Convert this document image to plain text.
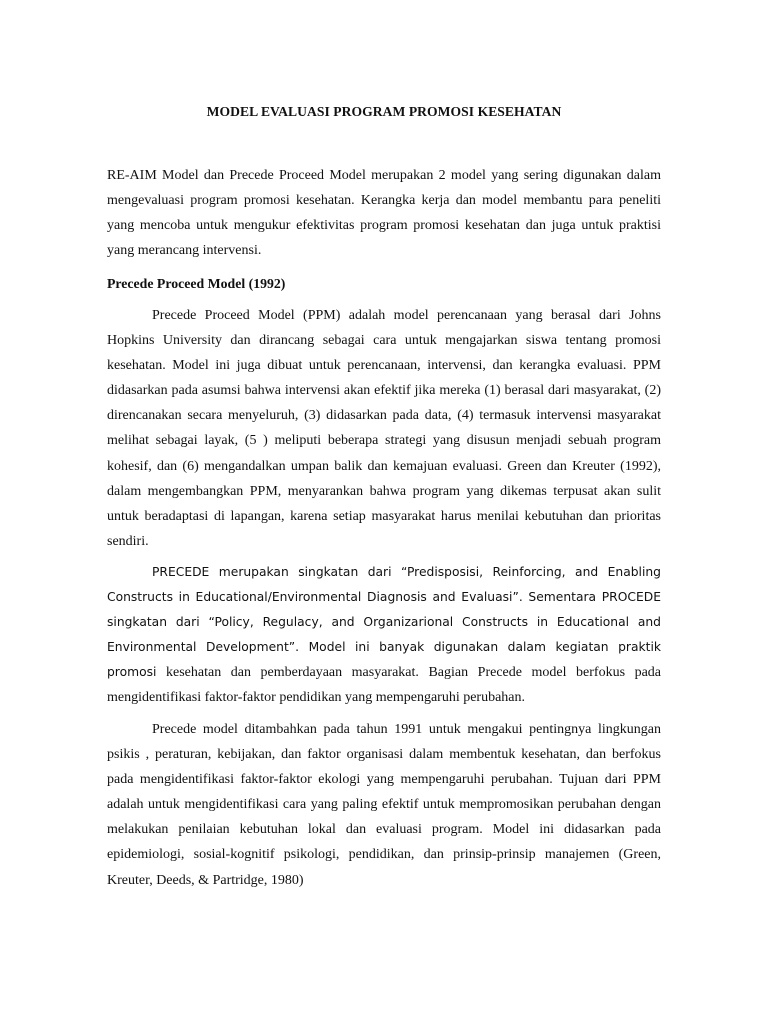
MODEL EVALUASI PROGRAM PROMOSI KESEHATAN

RE-AIM Model dan Precede Proceed Model merupakan 2 model yang sering digunakan dalam mengevaluasi program promosi kesehatan. Kerangka kerja dan model membantu para peneliti yang mencoba untuk mengukur efektivitas program promosi kesehatan dan juga untuk praktisi yang merancang intervensi.

Precede Proceed Model (1992)

Precede Proceed Model (PPM) adalah model perencanaan yang berasal dari Johns Hopkins University dan dirancang sebagai cara untuk mengajarkan siswa tentang promosi kesehatan. Model ini juga dibuat untuk perencanaan, intervensi, dan kerangka evaluasi. PPM didasarkan pada asumsi bahwa intervensi akan efektif jika mereka (1) berasal dari masyarakat, (2) direncanakan secara menyeluruh, (3) didasarkan pada data, (4) termasuk intervensi masyarakat melihat sebagai layak, (5 ) meliputi beberapa strategi yang disusun menjadi sebuah program kohesif, dan (6) mengandalkan umpan balik dan kemajuan evaluasi. Green dan Kreuter (1992), dalam mengembangkan PPM, menyarankan bahwa program yang dikemas terpusat akan sulit untuk beradaptasi di lapangan, karena setiap masyarakat harus menilai kebutuhan dan prioritas sendiri.

PRECEDE merupakan singkatan dari “Predisposisi, Reinforcing, and Enabling Constructs in Educational/Environmental Diagnosis and Evaluasi”. Sementara PROCEDE singkatan dari “Policy, Regulacy, and Organizarional Constructs in Educational and Environmental Development”. Model ini banyak digunakan dalam kegiatan praktik promosi kesehatan dan pemberdayaan masyarakat. Bagian Precede model berfokus pada mengidentifikasi faktor-faktor pendidikan yang mempengaruhi perubahan.

Precede model ditambahkan pada tahun 1991 untuk mengakui pentingnya lingkungan psikis , peraturan, kebijakan, dan faktor organisasi dalam membentuk kesehatan, dan berfokus pada mengidentifikasi faktor-faktor ekologi yang mempengaruhi perubahan. Tujuan dari PPM adalah untuk mengidentifikasi cara yang paling efektif untuk mempromosikan perubahan dengan melakukan penilaian kebutuhan lokal dan evaluasi program. Model ini didasarkan pada epidemiologi, sosial-kognitif psikologi, pendidikan, dan prinsip-prinsip manajemen (Green, Kreuter, Deeds, & Partridge, 1980)
